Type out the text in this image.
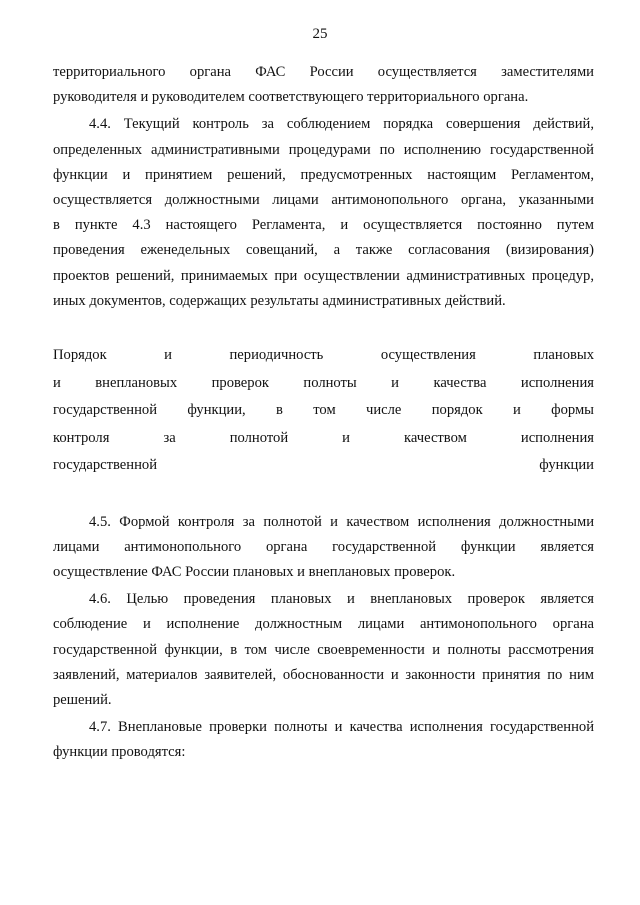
25

территориального органа ФАС России осуществляется заместителями
руководителя и руководителем соответствующего территориального органа.

4.4. Текущий контроль за соблюдением порядка совершения действий,
определенных административными процедурами по исполнению государственной
функции и принятием решений, предусмотренных настоящим Регламентом,
осуществляется должностными лицами антимонопольного органа, указанными
в пункте 4.3 настоящего Регламента, и осуществляется постоянно путем
проведения еженедельных совещаний, а также согласования (визирования)
проектов решений, принимаемых при осуществлении административных процедур,
иных документов, содержащих результаты административных действий.

Порядок и периодичность осуществления плановых
и внеплановых проверок полноты и качества исполнения
государственной функции, в том числе порядок и формы
контроля за полнотой и качеством исполнения
государственной функции

4.5. Формой контроля за полнотой и качеством исполнения должностными
лицами антимонопольного органа государственной функции является
осуществление ФАС России плановых и внеплановых проверок.

4.6. Целью проведения плановых и внеплановых проверок является
соблюдение и исполнение должностным лицами антимонопольного органа
государственной функции, в том числе своевременности и полноты рассмотрения
заявлений, материалов заявителей, обоснованности и законности принятия по ним
решений.

4.7. Внеплановые проверки полноты и качества исполнения государственной
функции проводятся:
